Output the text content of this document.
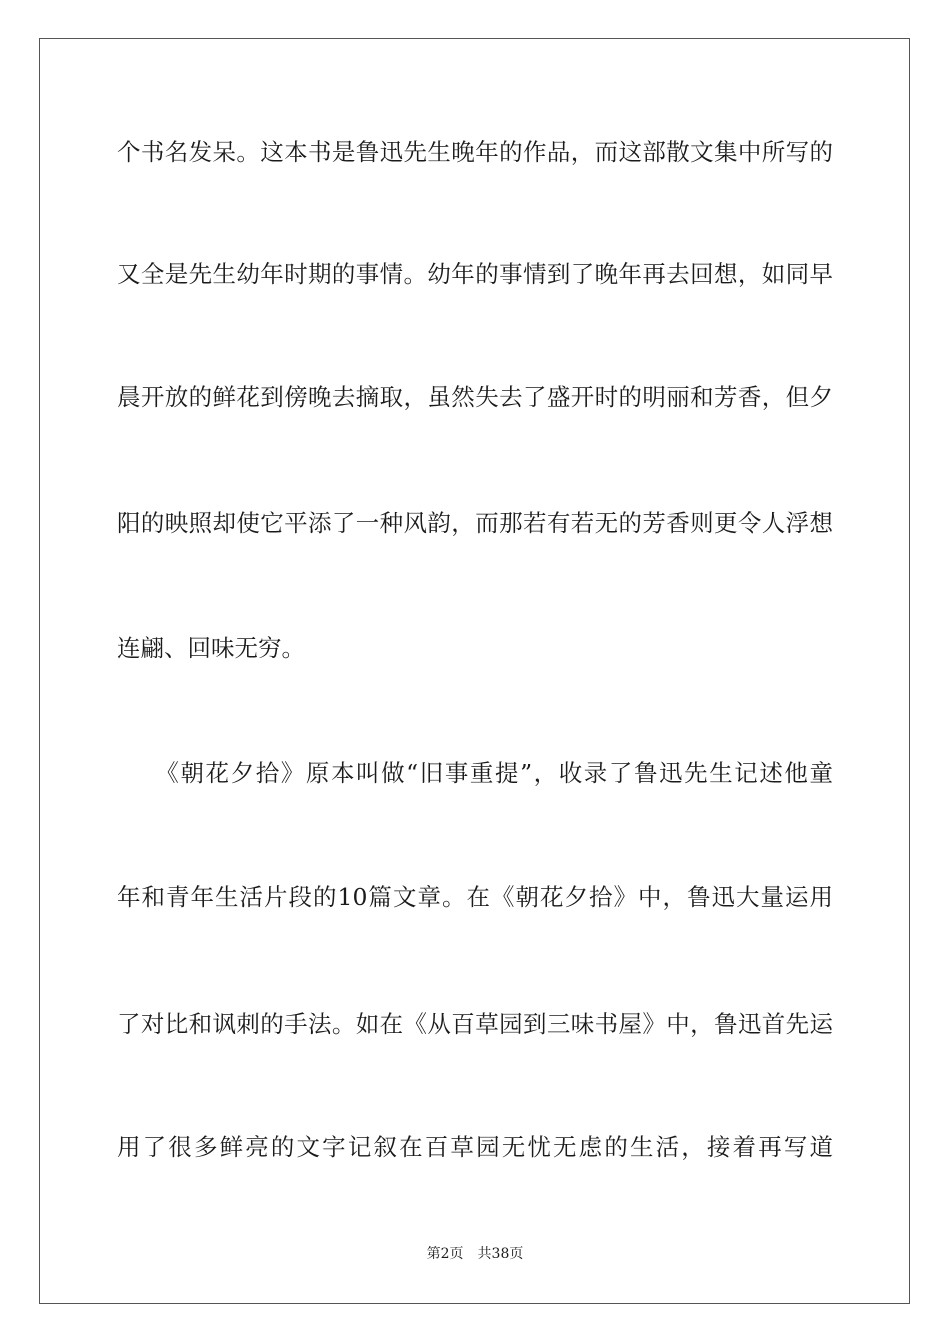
个书名发呆。这本书是鲁迅先生晚年的作品，而这部散文集中所写的
又全是先生幼年时期的事情。幼年的事情到了晚年再去回想，如同早
晨开放的鲜花到傍晚去摘取，虽然失去了盛开时的明丽和芳香，但夕
阳的映照却使它平添了一种风韵，而那若有若无的芳香则更令人浮想
连翩、回味无穷。
　　《朝花夕拾》原本叫做“旧事重提”，收录了鲁迅先生记述他童
年和青年生活片段的10篇文章。在《朝花夕拾》中，鲁迅大量运用
了对比和讽刺的手法。如在《从百草园到三味书屋》中，鲁迅首先运
用了很多鲜亮的文字记叙在百草园无忧无虑的生活，接着再写道
第2页　共38页
